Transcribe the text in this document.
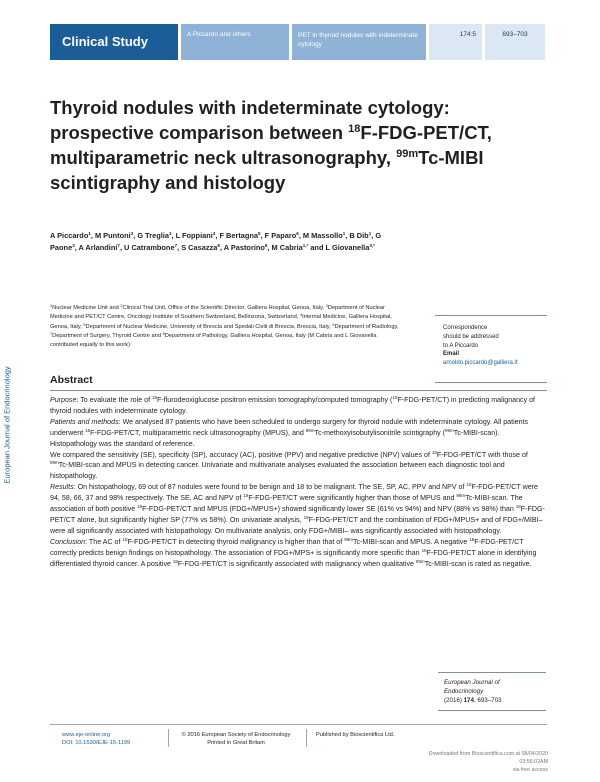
Clinical Study	A Piccardo and others	PET in thyroid nodules with indeterminate cytology
174:5	693–703
European Journal of Endocrinology
Thyroid nodules with indeterminate cytology: prospective comparison between $^{18}$F-FDG-PET/CT, multiparametric neck ultrasonography, $^{99m}$Tc-MIBI scintigraphy and histology
A Piccardo$^1$, M Puntoni$^2$, G Treglia$^3$, L Foppiani$^4$, F Bertagna$^5$, F Paparo$^6$, M Massollo$^1$, B Dib$^1$, G Paone$^3$, A Arlandini$^7$, U Catrambone$^7$, S Casazza$^8$, A Pastorino$^8$, M Cabria$^{1,*}$ and L Giovanella$^{3,*}$
$^1$Nuclear Medicine Unit and $^2$Clinical Trial Unit, Office of the Scientific Director, Galliera Hospital, Genoa, Italy, $^3$Department of Nuclear Medicine and PET/CT Centre, Oncology Institute of Southern Switzerland, Bellinzona, Switzerland, $^4$Internal Medicine, Galliera Hospital, Genoa, Italy, $^5$Department of Nuclear Medicine, University of Brescia and Spedali Civili di Brescia, Brescia, Italy, $^6$Department of Radiology, $^7$Department of Surgery, Thyroid Centre and $^8$Department of Pathology, Galliera Hospital, Genoa, Italy (M Cabria and L Giovanella contributed equally to this work)
Correspondence
should be addressed
to A Piccardo
Email
arnoldo.piccardo@galliera.it
Abstract

Purpose: To evaluate the role of $^{18}$F-flurodeoxiglucose positron emission tomography/computed tomography ($^{18}$F-FDG-PET/CT) in predicting malignancy of thyroid nodules with indeterminate cytology.

Patients and methods: We analysed 87 patients who have been scheduled to undergo surgery for thyroid nodule with indeterminate cytology. All patients underwent $^{18}$F-FDG-PET/CT, multiparametric neck ultrasonography (MPUS), and $^{99m}$Tc-methoxyisobutylisonitrile scintigraphy ($^{99m}$Tc-MIBI-scan). Histopathology was the standard of reference.

We compared the sensitivity (SE), specificity (SP), accuracy (AC), positive (PPV) and negative predictive (NPV) values of $^{18}$F-FDG-PET/CT with those of $^{99m}$Tc-MIBI-scan and MPUS in detecting cancer. Univariate and multivariate analyses evaluated the association between each diagnostic tool and histopathology.

Results: On histopathology, 69 out of 87 nodules were found to be benign and 18 to be malignant. The SE, SP, AC, PPV and NPV of $^{18}$F-FDG-PET/CT were 94, 58, 66, 37 and 98% respectively. The SE, AC and NPV of $^{18}$F-FDG-PET/CT were significantly higher than those of MPUS and $^{99m}$Tc-MIBI-scan. The association of both positive $^{18}$F-FDG-PET/CT and MPUS (FDG+/MPUS+) showed significantly lower SE (61% vs 94%) and NPV (88% vs 98%) than $^{18}$F-FDG-PET/CT alone, but significantly higher SP (77% vs 58%). On univariate analysis, $^{18}$F-FDG-PET/CT and the combination of FDG+/MPUS+ and of FDG+/MIBI– were all significantly associated with histopathology. On multivariate analysis, only FDG+/MIBI– was significantly associated with histopathology.

Conclusion: The AC of $^{18}$F-FDG-PET/CT in detecting thyroid malignancy is higher than that of $^{99m}$Tc-MIBI-scan and MPUS. A negative $^{18}$F-FDG-PET/CT correctly predicts benign findings on histopathology. The association of FDG+/MPS+ is significantly more specific than $^{18}$F-FDG-PET/CT alone in identifying differentiated thyroid cancer. A positive $^{18}$F-FDG-PET/CT is significantly associated with malignancy when qualitative $^{99m}$Tc-MIBI-scan is rated as negative.

European Journal of
Endocrinology
(2016) 174, 693–703
www.eje-online.org
DOI: 10.1530/EJE-15-1199
© 2016 European Society of Endocrinology
Printed in Great Britain
Published by Bioscientifica Ltd.
Downloaded from Bioscientifica.com at 08/04/2020 03:56:02AM
via free access
